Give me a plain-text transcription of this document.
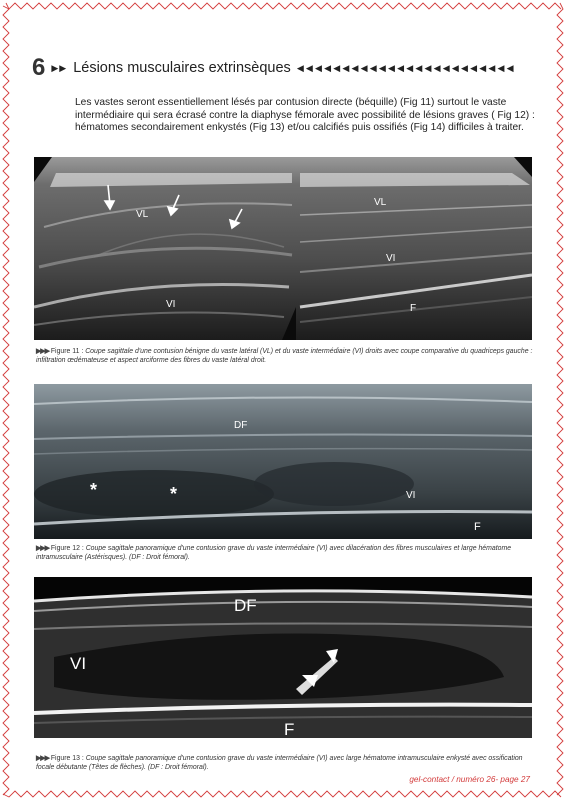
6 ▶▶ Lésions musculaires extrinsèques ◀◀◀◀◀◀◀◀◀◀◀◀◀◀◀◀◀◀◀◀◀◀◀◀

Les vastes seront essentiellement lésés par contusion directe (béquille) (Fig 11) surtout le vaste intermédiaire qui sera écrasé contre la diaphyse fémorale avec possibilité de lésions graves ( Fig 12) : hématomes secondairement enkystés (Fig 13) et/ou calcifiés puis ossifiés (Fig 14) difficiles à traiter.

VL
VI
VL
VI
F
▶▶▶ Figure 11 : Coupe sagittale d'une contusion bénigne du vaste latéral (VL) et du vaste intermédiaire (VI) droits avec coupe comparative du quadriceps gauche : infiltration œdémateuse et aspect arciforme des fibres du vaste latéral droit.
DF
*	*	VI
F
▶▶▶ Figure 12 : Coupe sagittale panoramique d'une contusion grave du vaste intermédiaire (VI) avec dilacération des fibres musculaires et large hématome intramusculaire (Astérisques). (DF : Droit fémoral).
DF
VI
F
▶▶▶ Figure 13 : Coupe sagittale panoramique d'une contusion grave du vaste intermédiaire (VI) avec large hématome intramusculaire enkysté avec ossification focale débutante (Têtes de flèches). (DF : Droit fémoral).
gel-contact / numéro 26- page 27
